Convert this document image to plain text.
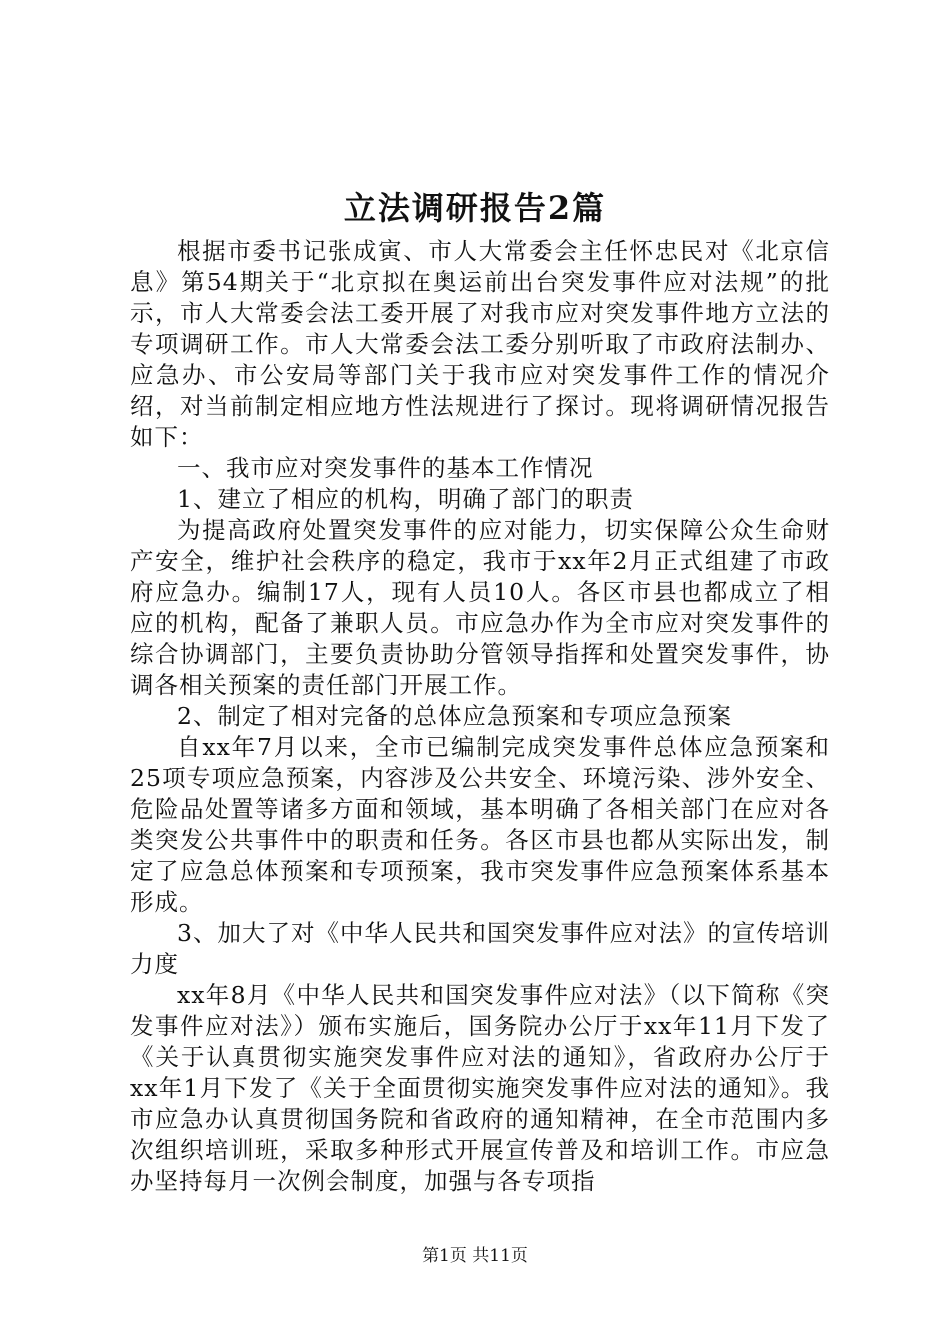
立法调研报告2篇

根据市委书记张成寅、市人大常委会主任怀忠民对《北京信息》第54期关于“北京拟在奥运前出台突发事件应对法规”的批示，市人大常委会法工委开展了对我市应对突发事件地方立法的专项调研工作。市人大常委会法工委分别听取了市政府法制办、应急办、市公安局等部门关于我市应对突发事件工作的情况介绍，对当前制定相应地方性法规进行了探讨。现将调研情况报告如下：

一、我市应对突发事件的基本工作情况

1、建立了相应的机构，明确了部门的职责

为提高政府处置突发事件的应对能力，切实保障公众生命财产安全，维护社会秩序的稳定，我市于xx年2月正式组建了市政府应急办。编制17人，现有人员10人。各区市县也都成立了相应的机构，配备了兼职人员。市应急办作为全市应对突发事件的综合协调部门，主要负责协助分管领导指挥和处置突发事件，协调各相关预案的责任部门开展工作。

2、制定了相对完备的总体应急预案和专项应急预案

自xx年7月以来，全市已编制完成突发事件总体应急预案和25项专项应急预案，内容涉及公共安全、环境污染、涉外安全、危险品处置等诸多方面和领域，基本明确了各相关部门在应对各类突发公共事件中的职责和任务。各区市县也都从实际出发，制定了应急总体预案和专项预案，我市突发事件应急预案体系基本形成。

3、加大了对《中华人民共和国突发事件应对法》的宣传培训力度

xx年8月《中华人民共和国突发事件应对法》（以下简称《突发事件应对法》）颁布实施后，国务院办公厅于xx年11月下发了《关于认真贯彻实施突发事件应对法的通知》，省政府办公厅于xx年1月下发了《关于全面贯彻实施突发事件应对法的通知》。我市应急办认真贯彻国务院和省政府的通知精神，在全市范围内多次组织培训班，采取多种形式开展宣传普及和培训工作。市应急办坚持每月一次例会制度，加强与各专项指

第1页 共11页
